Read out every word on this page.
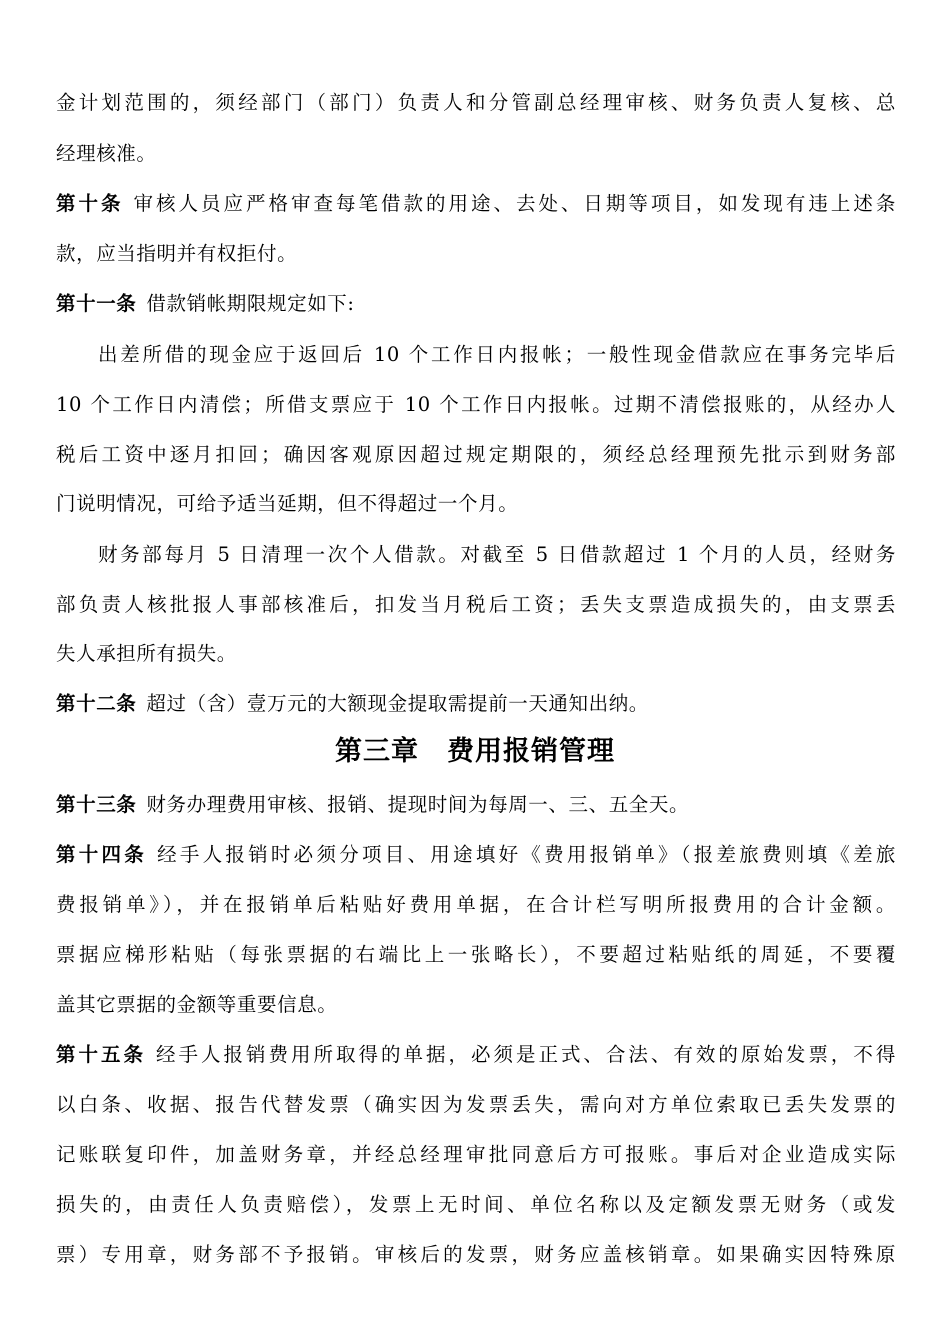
金计划范围的，须经部门（部门）负责人和分管副总经理审核、财务负责人复核、总
经理核准。
第十条 审核人员应严格审查每笔借款的用途、去处、日期等项目，如发现有违上述条
款，应当指明并有权拒付。
第十一条 借款销帐期限规定如下:
出差所借的现金应于返回后 10 个工作日内报帐；一般性现金借款应在事务完毕后
10 个工作日内清偿；所借支票应于 10 个工作日内报帐。过期不清偿报账的，从经办人
税后工资中逐月扣回；确因客观原因超过规定期限的，须经总经理预先批示到财务部
门说明情况，可给予适当延期，但不得超过一个月。
财务部每月 5 日清理一次个人借款。对截至 5 日借款超过 1 个月的人员，经财务
部负责人核批报人事部核准后，扣发当月税后工资；丢失支票造成损失的，由支票丢
失人承担所有损失。
第十二条 超过（含）壹万元的大额现金提取需提前一天通知出纳。
第三章　费用报销管理
第十三条 财务办理费用审核、报销、提现时间为每周一、三、五全天。
第十四条 经手人报销时必须分项目、用途填好《费用报销单》（报差旅费则填《差旅
费报销单》），并在报销单后粘贴好费用单据，在合计栏写明所报费用的合计金额。
票据应梯形粘贴（每张票据的右端比上一张略长），不要超过粘贴纸的周延，不要覆
盖其它票据的金额等重要信息。
第十五条 经手人报销费用所取得的单据，必须是正式、合法、有效的原始发票，不得
以白条、收据、报告代替发票（确实因为发票丢失，需向对方单位索取已丢失发票的
记账联复印件，加盖财务章，并经总经理审批同意后方可报账。事后对企业造成实际
损失的，由责任人负责赔偿），发票上无时间、单位名称以及定额发票无财务（或发
票）专用章，财务部不予报销。审核后的发票，财务应盖核销章。如果确实因特殊原
